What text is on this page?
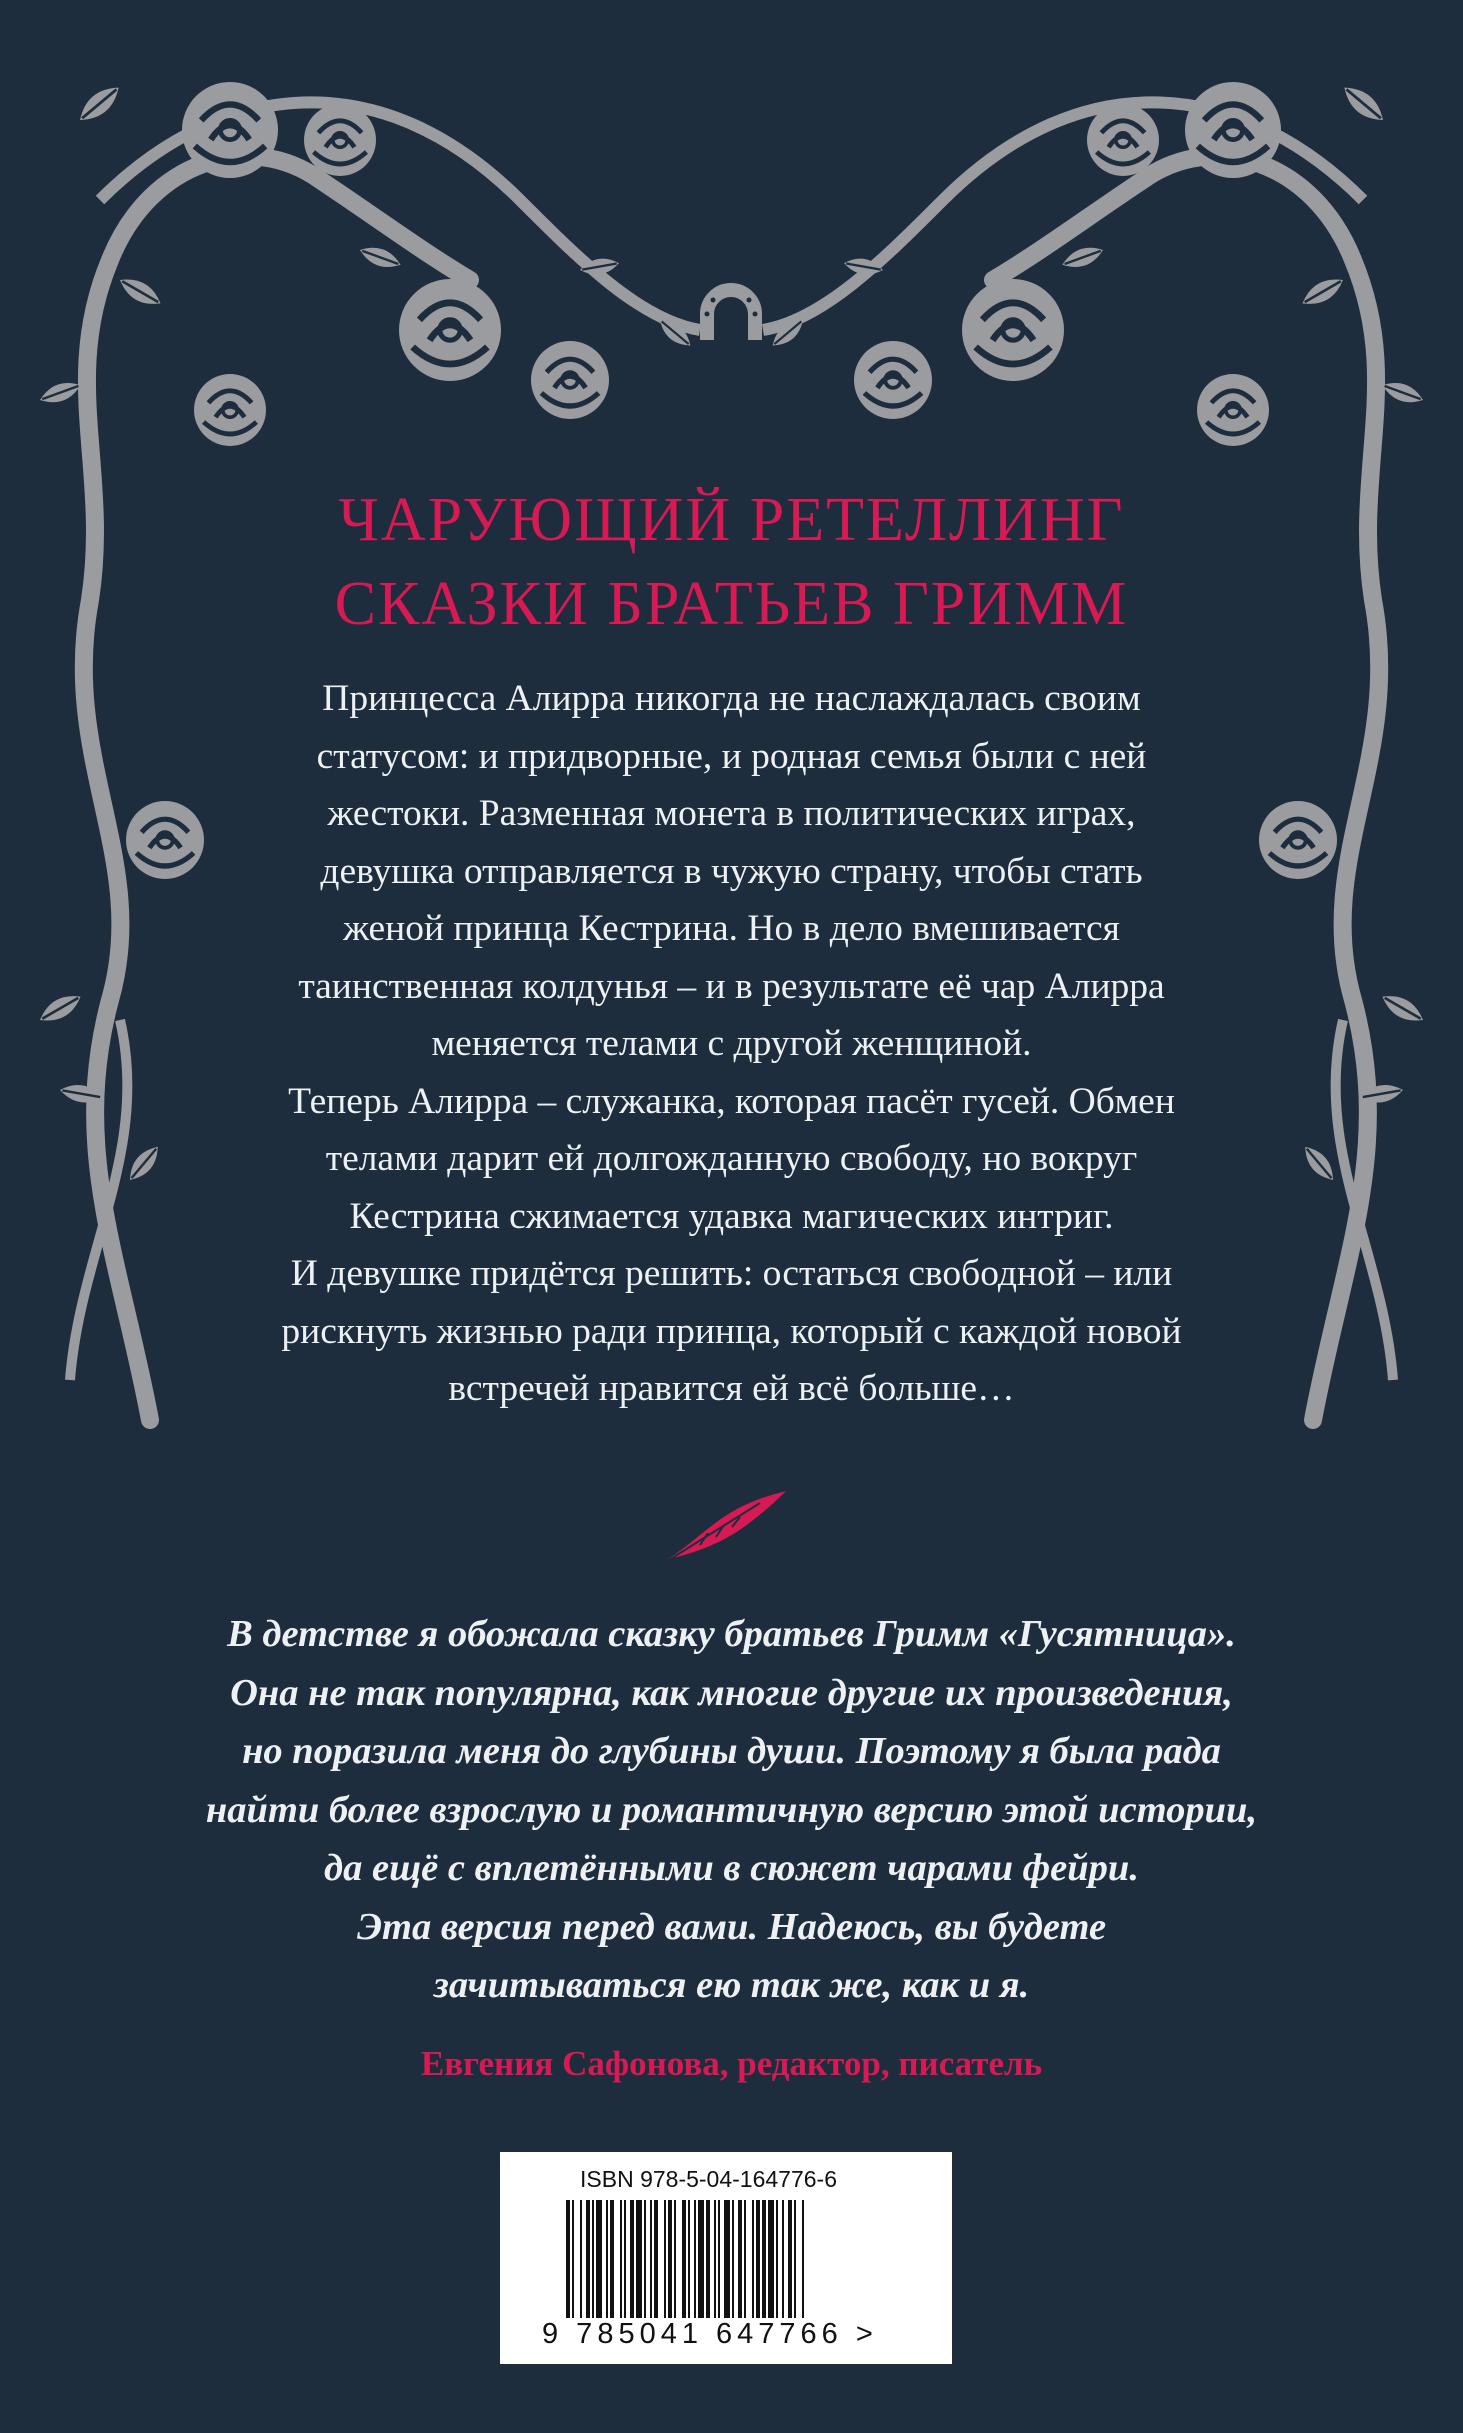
ЧАРУЮЩИЙ РЕТЕЛЛИНГ
СКАЗКИ БРАТЬЕВ ГРИММ

Принцесса Алирра никогда не наслаждалась своим

статусом: и придворные, и родная семья были с ней

жестоки. Разменная монета в политических играх,

девушка отправляется в чужую страну, чтобы стать

женой принца Кестрина. Но в дело вмешивается

таинственная колдунья – и в результате её чар Алирра

меняется телами с другой женщиной.

Теперь Алирра – служанка, которая пасёт гусей. Обмен

телами дарит ей долгожданную свободу, но вокруг

Кестрина сжимается удавка магических интриг.

И девушке придётся решить: остаться свободной – или

рискнуть жизнью ради принца, который с каждой новой

встречей нравится ей всё больше…

В детстве я обожала сказку братьев Гримм «Гусятница».

Она не так популярна, как многие другие их произведения,

но поразила меня до глубины души. Поэтому я была рада

найти более взрослую и романтичную версию этой истории,

да ещё с вплетёнными в сюжет чарами фейри.

Эта версия перед вами. Надеюсь, вы будете

зачитываться ею так же, как и я.

Евгения Сафонова, редактор, писатель
ISBN 978-5-04-164776-6
9 785041 647766 >
